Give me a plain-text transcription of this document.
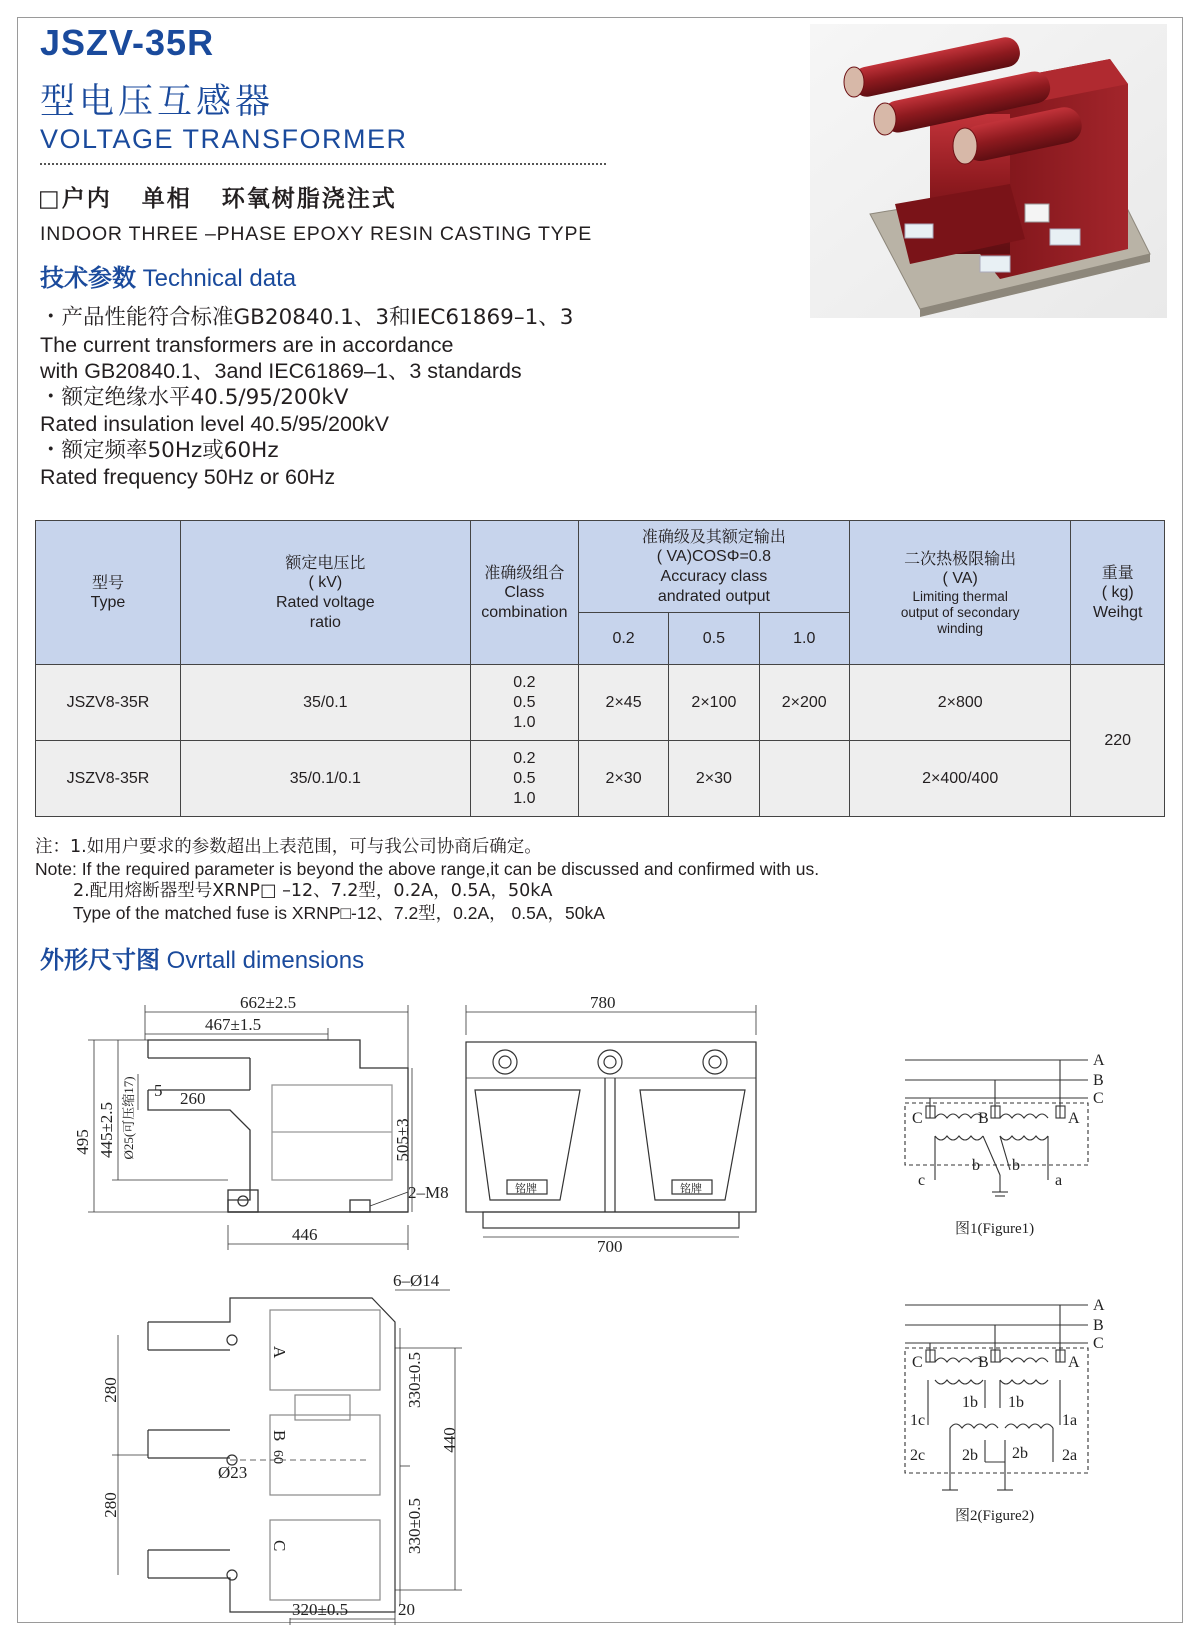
JSZV-35R
型电压互感器
VOLTAGE TRANSFORMER
□户内   单相   环氧树脂浇注式
INDOOR THREE –PHASE EPOXY RESIN CASTING TYPE
技术参数 Technical data
・产品性能符合标准GB20840.1、3和IEC61869–1、3
The current transformers are in accordance
with GB20840.1、3and IEC61869–1、3 standards
・额定绝缘水平40.5/95/200kV
Rated insulation level 40.5/95/200kV
・额定频率50Hz或60Hz
Rated frequency 50Hz or 60Hz
型号
Type	额定电压比
( kV)
Rated voltage
ratio	准确级组合
Class
combination	准确级及其额定输出
( VA)COSΦ=0.8
Accuracy class
andrated output			二次热极限输出
( VA)
Limiting thermal
output of secondary
winding	重量
( kg)
Weihgt

			0.2	0.5	1.0		
JSZV8-35R	35/0.1	0.2
0.5
1.0	2×45	2×100	2×200	2×800	220
JSZV8-35R	35/0.1/0.1	0.2
0.5
1.0	2×30	2×30		2×400/400	
注：1.如用户要求的参数超出上表范围，可与我公司协商后确定。
Note: If the required parameter is beyond the above range,it can be discussed and confirmed with us.
2.配用熔断器型号XRNP□ –12、7.2型，0.2A，0.5A，50kA
Type of the matched fuse is XRNP□-12、7.2型，0.2A， 0.5A，50kA
外形尺寸图 Ovrtall dimensions
662±2.5
467±1.5
5 260
495 445±2.5 Ø25(可压缩17)	505±3
2–M8
446
780
铭牌	铭牌
700
6–Ø14
280
280
330±0.5
330±0.5
440
Ø23
A
B
C
60
320±0.5	20
A
B
C
C	B	A
c
b b
a
图1(Figure1)
A
B
C
C	B	A
1b 1b
1c	1a
2c 2b 2b 2a
图2(Figure2)
